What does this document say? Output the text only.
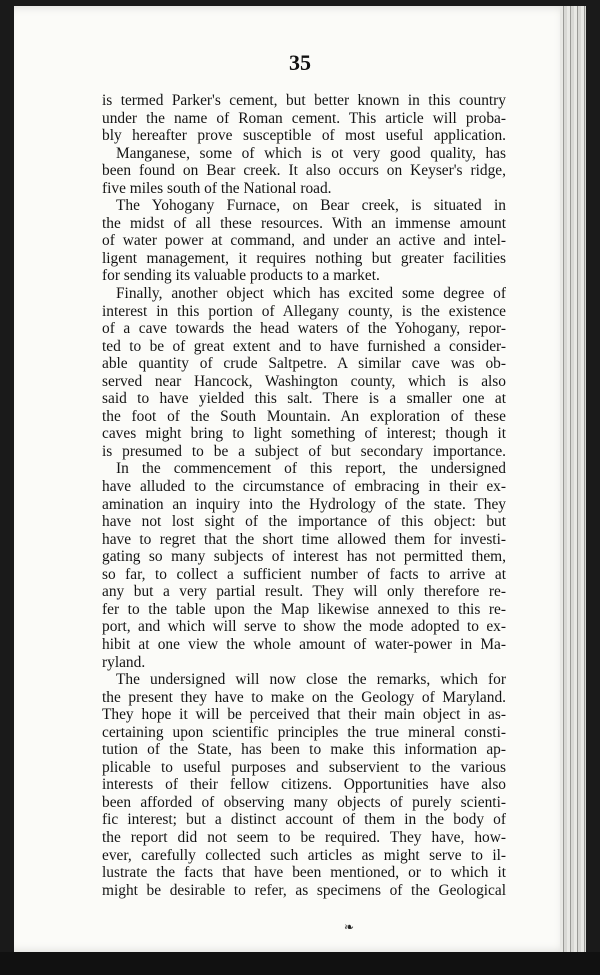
35
is termed Parker's cement, but better known in this country
under the name of Roman cement. This article will proba-
bly hereafter prove susceptible of most useful application.
Manganese, some of which is ot very good quality, has
been found on Bear creek. It also occurs on Keyser's ridge,
five miles south of the National road.
The Yohogany Furnace, on Bear creek, is situated in
the midst of all these resources. With an immense amount
of water power at command, and under an active and intel-
ligent management, it requires nothing but greater facilities
for sending its valuable products to a market.
Finally, another object which has excited some degree of
interest in this portion of Allegany county, is the existence
of a cave towards the head waters of the Yohogany, repor-
ted to be of great extent and to have furnished a consider-
able quantity of crude Saltpetre. A similar cave was ob-
served near Hancock, Washington county, which is also
said to have yielded this salt. There is a smaller one at
the foot of the South Mountain. An exploration of these
caves might bring to light something of interest; though it
is presumed to be a subject of but secondary importance.
In the commencement of this report, the undersigned
have alluded to the circumstance of embracing in their ex-
amination an inquiry into the Hydrology of the state. They
have not lost sight of the importance of this object: but
have to regret that the short time allowed them for investi-
gating so many subjects of interest has not permitted them,
so far, to collect a sufficient number of facts to arrive at
any but a very partial result. They will only therefore re-
fer to the table upon the Map likewise annexed to this re-
port, and which will serve to show the mode adopted to ex-
hibit at one view the whole amount of water-power in Ma-
ryland.
The undersigned will now close the remarks, which for
the present they have to make on the Geology of Maryland.
They hope it will be perceived that their main object in as-
certaining upon scientific principles the true mineral consti-
tution of the State, has been to make this information ap-
plicable to useful purposes and subservient to the various
interests of their fellow citizens. Opportunities have also
been afforded of observing many objects of purely scienti-
fic interest; but a distinct account of them in the body of
the report did not seem to be required. They have, how-
ever, carefully collected such articles as might serve to il-
lustrate the facts that have been mentioned, or to which it
might be desirable to refer, as specimens of the Geological
❧
